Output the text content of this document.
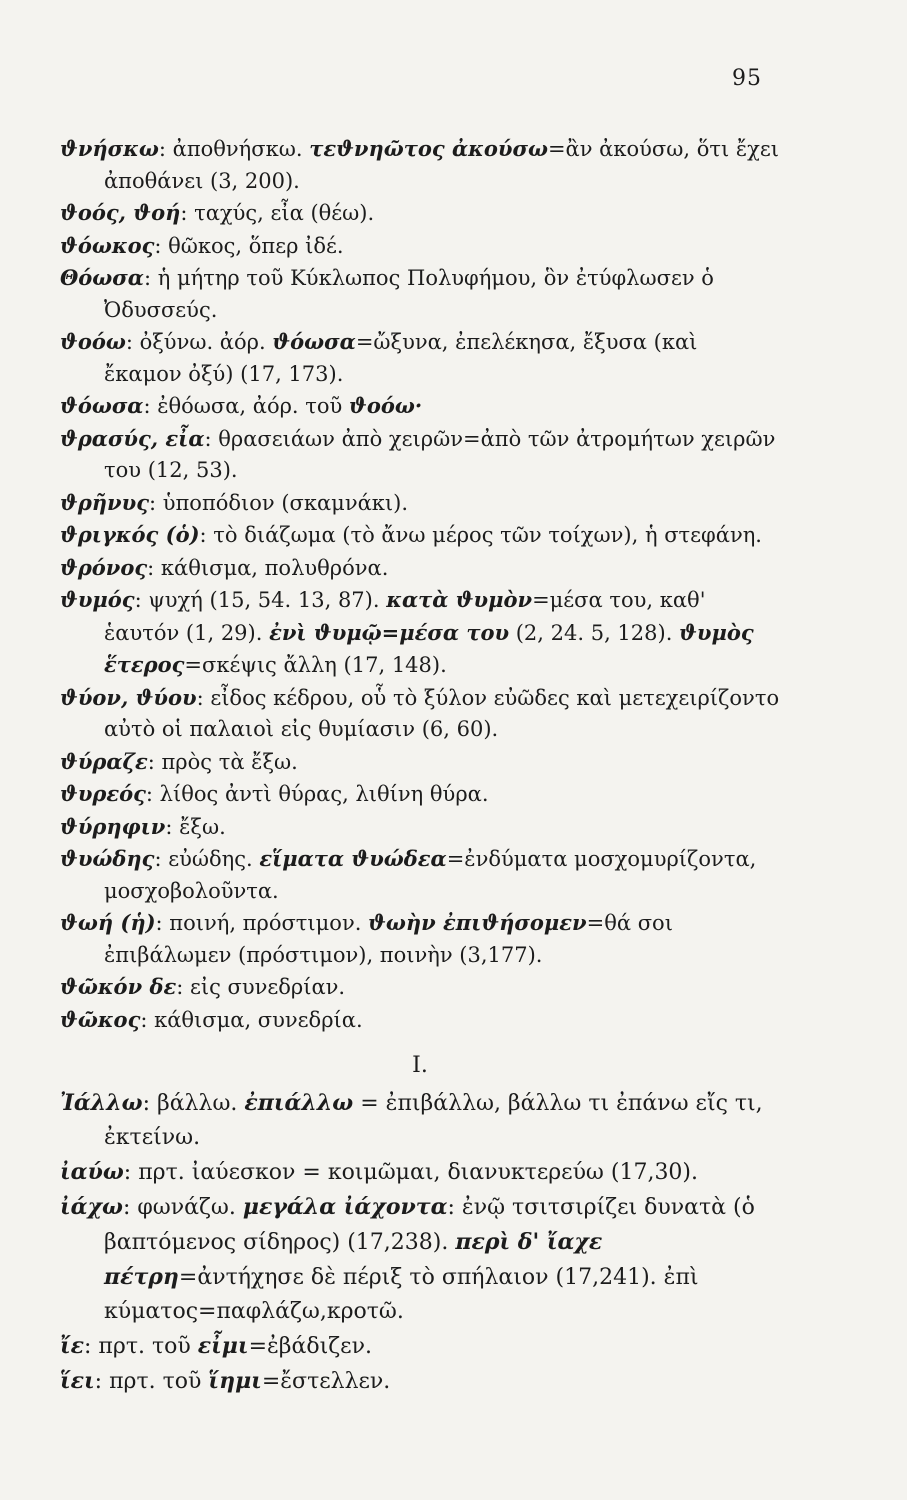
95
ϑνήσκω: ἀποθνήσκω. τεϑνηῶτος ἀκούσω=ἂν ἀκούσω, ὅτι ἔχει ἀποθάνει (3, 200).
ϑοός, ϑοή: ταχύς, εἶα (θέω).
ϑόωκος: θῶκος, ὅπερ ἰδέ.
Θόωσα: ἡ μήτηρ τοῦ Κύκλωπος Πολυφήμου, ὃν ἐτύφλωσεν ὁ Ὀδυσσεύς.
ϑοόω: ὀξύνω. ἀόρ. ϑόωσα=ὤξυνα, ἐπελέκησα, ἔξυσα (καὶ ἔκαμον ὀξύ) (17, 173).
ϑόωσα: ἐθόωσα, ἀόρ. τοῦ ϑοόω·
ϑρασύς, εἶα: θρασειάων ἀπὸ χειρῶν=ἀπὸ τῶν ἀτρομήτων χειρῶν του (12, 53).
ϑρῆνυς: ὑποπόδιον (σκαμνάκι).
ϑριγκός (ὁ): τὸ διάζωμα (τὸ ἄνω μέρος τῶν τοίχων), ἡ στεφάνη.
ϑρόνος: κάθισμα, πολυθρόνα.
ϑυμός: ψυχή (15, 54. 13, 87). κατὰ ϑυμὸν=μέσα του, καθ' ἑαυτόν (1, 29). ἐνὶ ϑυμῷ=μέσα του (2, 24. 5, 128). ϑυμὸς ἕτερος=σκέψις ἄλλη (17, 148).
ϑύον, ϑύου: εἶδος κέδρου, οὗ τὸ ξύλον εὐῶδες καὶ μετεχειρίζοντο αὐτὸ οἱ παλαιοὶ εἰς θυμίασιν (6, 60).
ϑύραζε: πρὸς τὰ ἔξω.
ϑυρεός: λίθος ἀντὶ θύρας, λιθίνη θύρα.
ϑύρηφιν: ἔξω.
ϑυώδης: εὐώδης. εἵματα ϑυώδεα=ἐνδύματα μοσχομυρίζοντα, μοσχοβολοῦντα.
ϑωή (ἡ): ποινή, πρόστιμον. ϑωὴν ἐπιϑήσομεν=θά σοι ἐπιβάλωμεν (πρόστιμον), ποινὴν (3,177).
ϑῶκόν δε: εἰς συνεδρίαν.
ϑῶκος: κάθισμα, συνεδρία.
Ι.
Ἰάλλω: βάλλω. ἐπιάλλω = ἐπιβάλλω, βάλλω τι ἐπάνω εἴς τι, ἐκτείνω.
ἰαύω: πρτ. ἰαύεσκον = κοιμῶμαι, διανυκτερεύω (17,30).
ἰάχω: φωνάζω. μεγάλα ἰάχοντα: ἐνῷ τσιτσιρίζει δυνατὰ (ὁ βαπτόμενος σίδηρος) (17,238). περὶ δ' ἴαχε πέτρη=ἀντήχησε δὲ πέριξ τὸ σπήλαιον (17,241). ἐπὶ κύματος=παφλάζω,κροτῶ.
ἴε: πρτ. τοῦ εἶμι=ἐβάδιζεν.
ἵει: πρτ. τοῦ ἵημι=ἔστελλεν.
